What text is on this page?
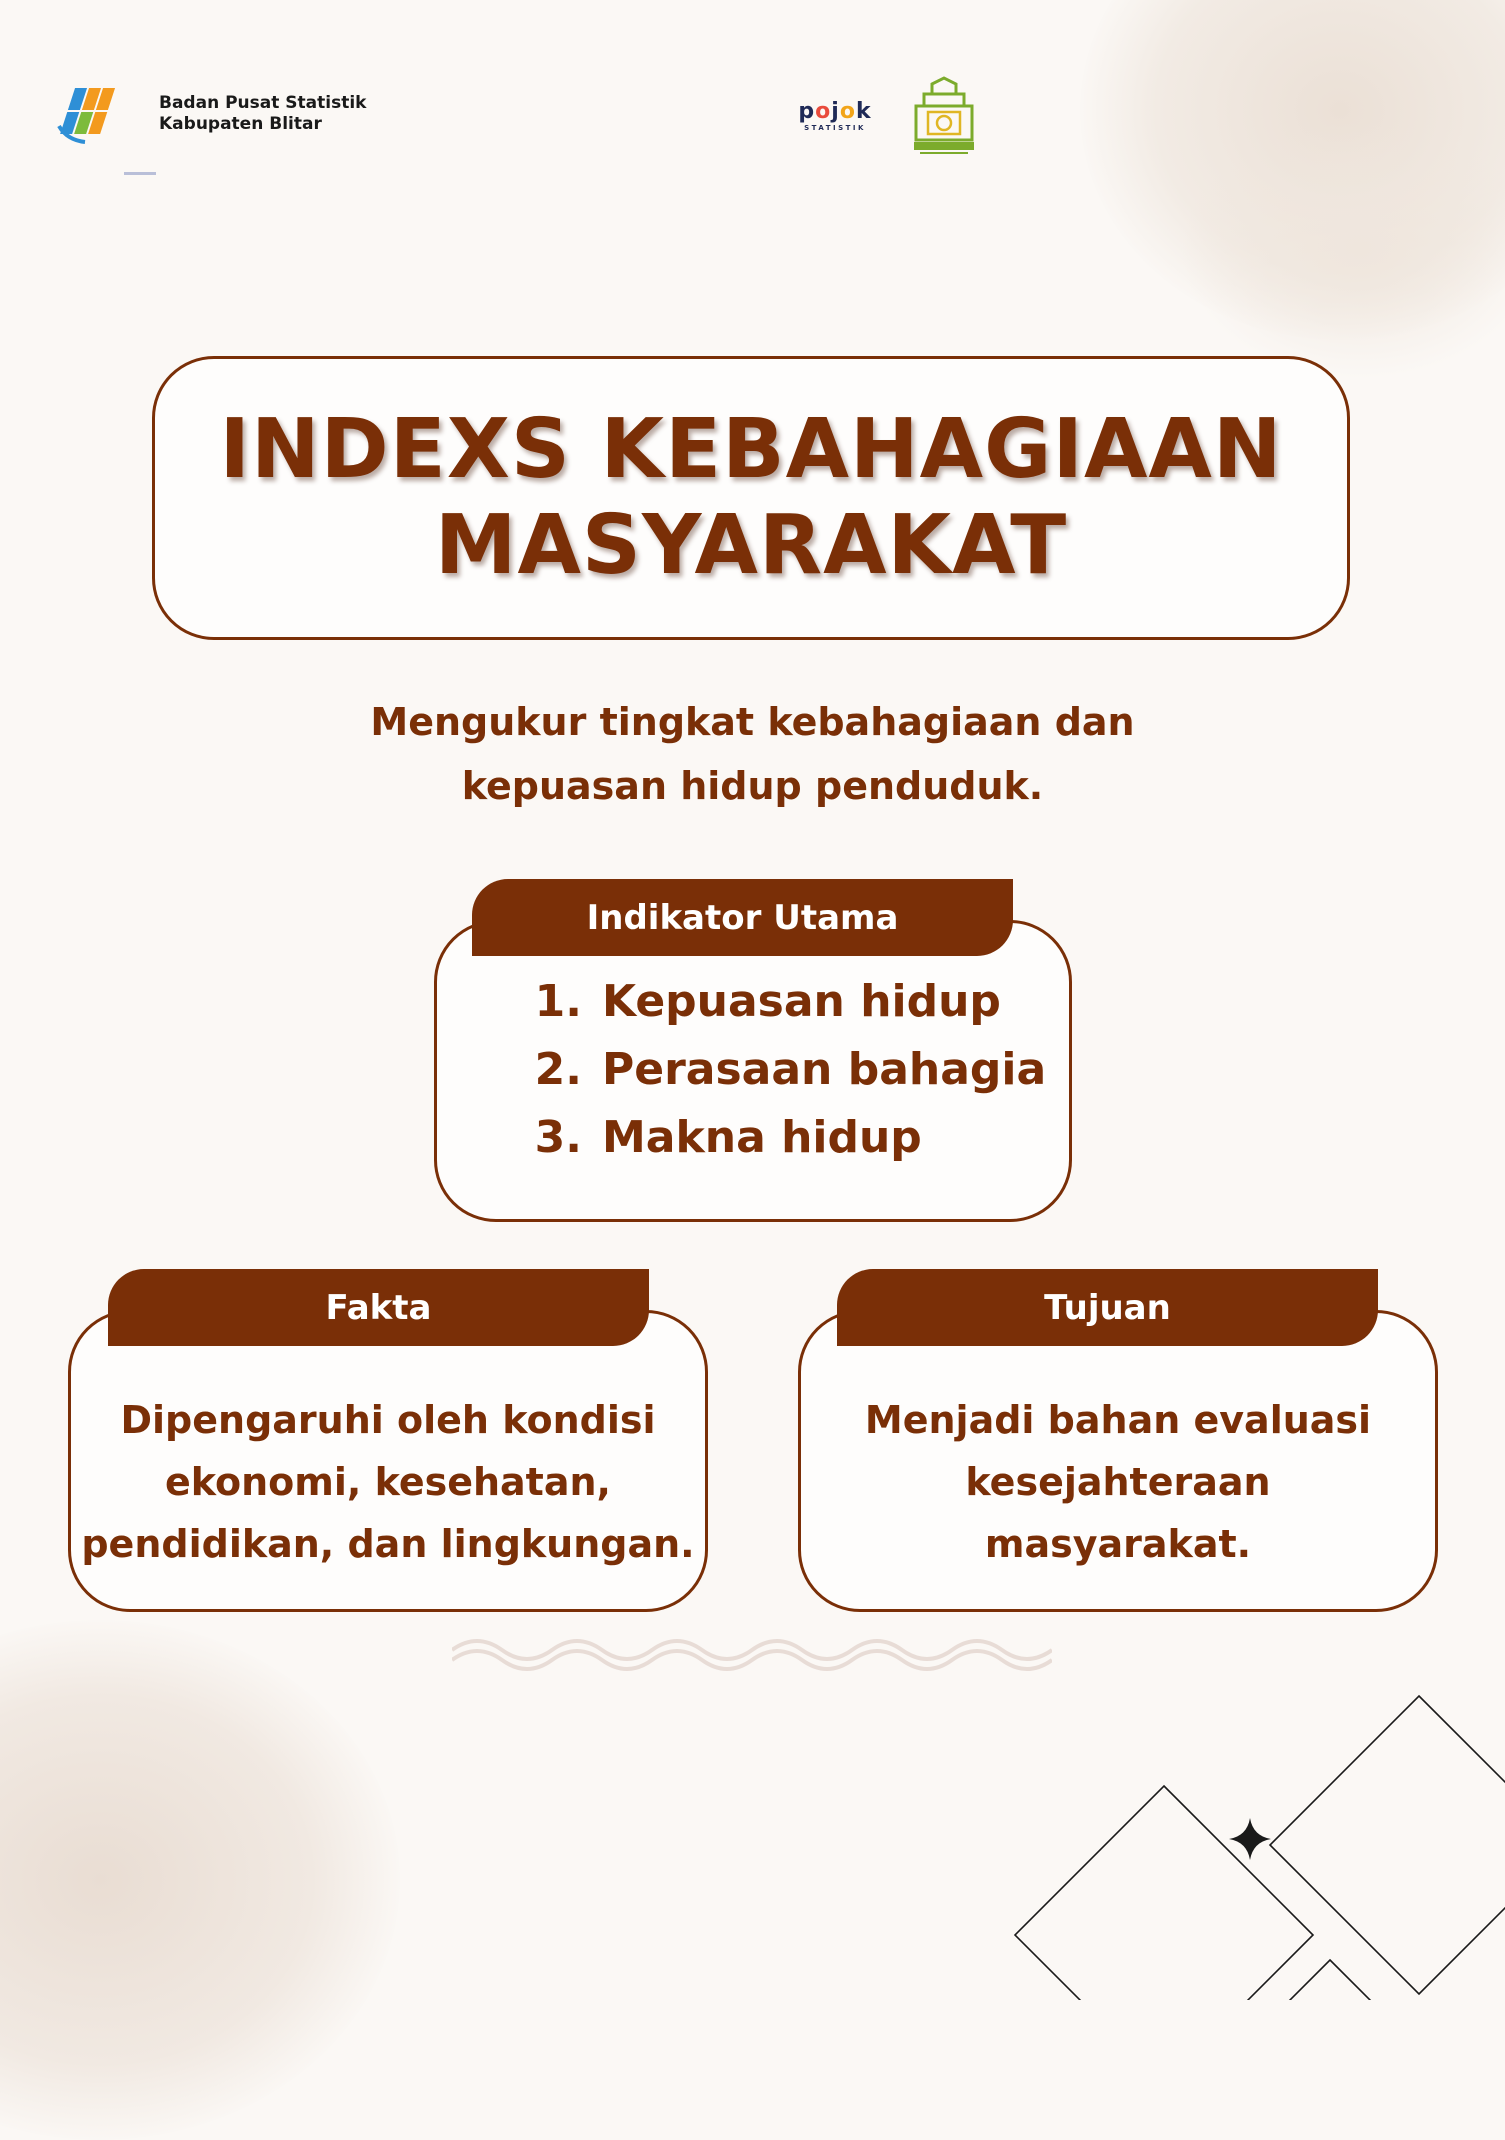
Badan Pusat Statistik
Kabupaten Blitar	pojok
STATISTIK
INDEXS KEBAHAGIAAN
MASYARAKAT
Mengukur tingkat kebahagiaan dan
kepuasan hidup penduduk.
Indikator Utama
1. Kepuasan hidup
2. Perasaan bahagia
3. Makna hidup
Dipengaruhi oleh kondisi
ekonomi, kesehatan,
pendidikan, dan lingkungan.
Fakta
Menjadi bahan evaluasi
kesejahteraan
masyarakat.
Tujuan
